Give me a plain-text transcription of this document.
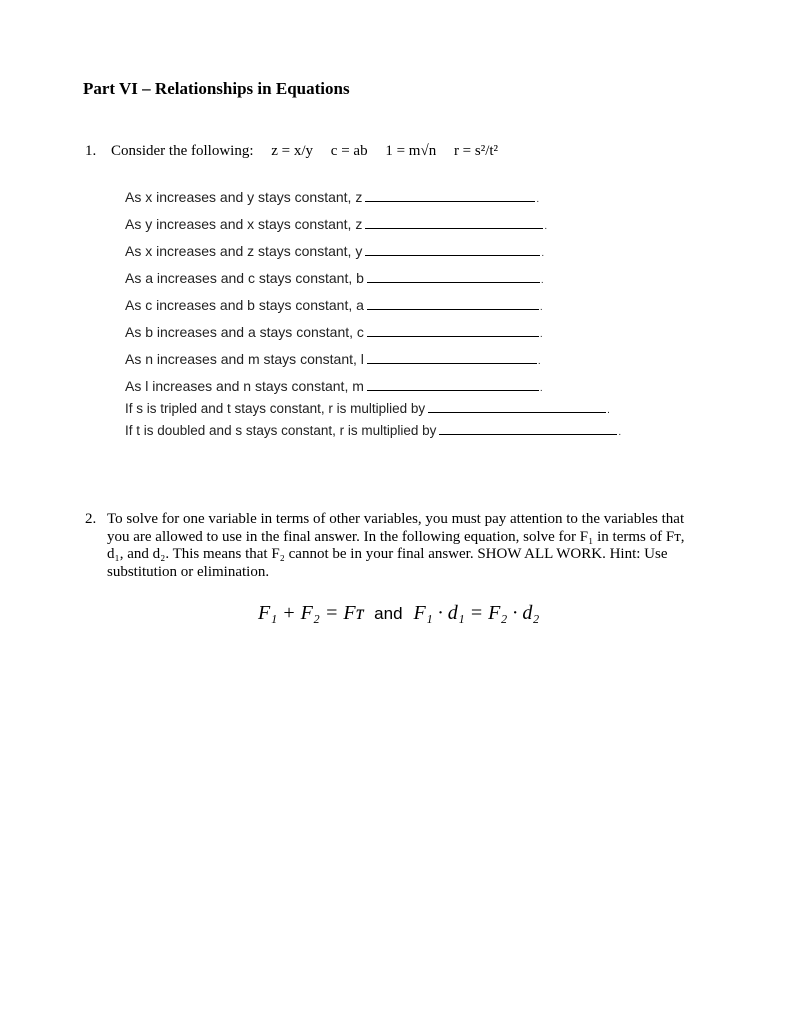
Part VI – Relationships in Equations
1. Consider the following: z = x/y c = ab 1 = m√n r = s²/t²
As x increases and y stays constant, z	.
As y increases and x stays constant, z	.
As x increases and z stays constant, y	.
As a increases and c stays constant, b	.
As c increases and b stays constant, a	.
As b increases and a stays constant, c	.
As n increases and m stays constant, l	.
As l increases and n stays constant, m	.
If s is tripled and t stays constant, r is multiplied by	.
If t is doubled and s stays constant, r is multiplied by	.
2. To solve for one variable in terms of other variables, you must pay attention to the variables that you are allowed to use in the final answer. In the following equation, solve for F₁ in terms of Fᴛ, d₁, and d₂. This means that F₂ cannot be in your final answer. SHOW ALL WORK. Hint: Use substitution or elimination.
F₁ + F₂ = Fᴛ and F₁ · d₁ = F₂ · d₂
